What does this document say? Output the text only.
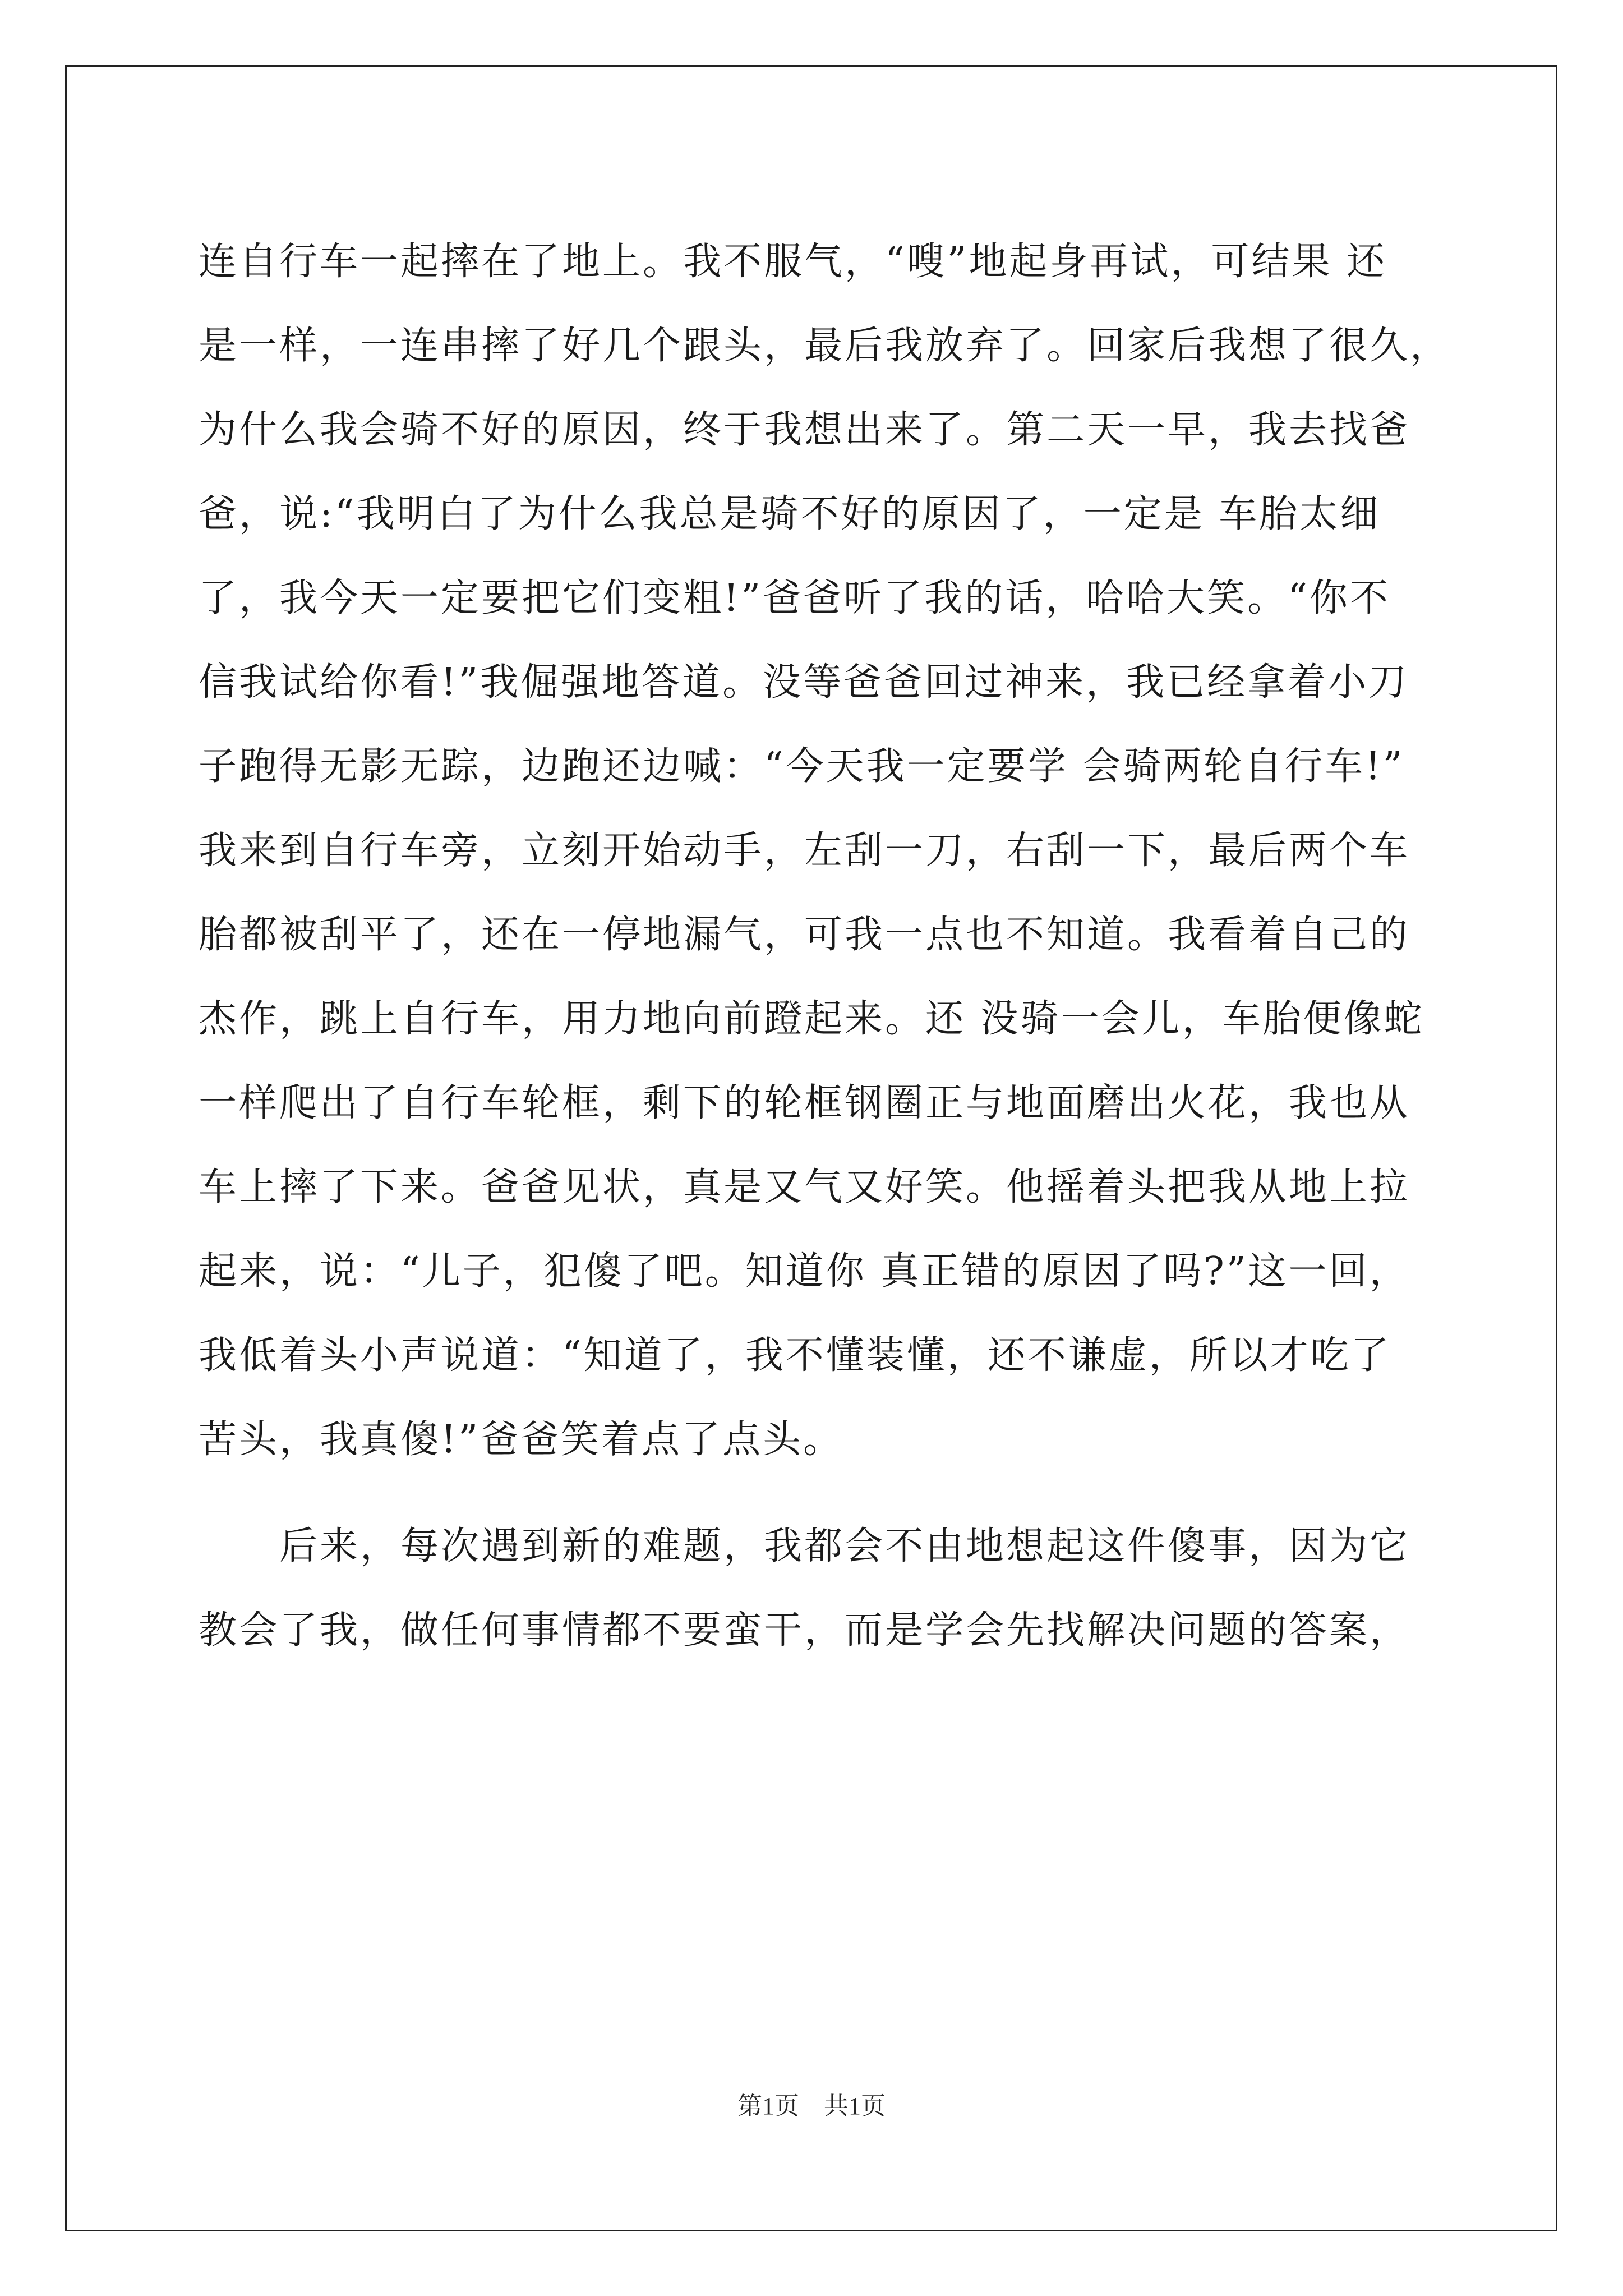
连自行车一起摔在了地上。我不服气，“嗖”地起身再试，可结果 还
是一样，一连串摔了好几个跟头，最后我放弃了。回家后我想了很久，
为什么我会骑不好的原因，终于我想出来了。第二天一早，我去找爸
爸，说:“我明白了为什么我总是骑不好的原因了，一定是 车胎太细
了，我今天一定要把它们变粗!”爸爸听了我的话，哈哈大笑。“你不
信我试给你看!”我倔强地答道。没等爸爸回过神来，我已经拿着小刀
子跑得无影无踪，边跑还边喊：“今天我一定要学 会骑两轮自行车!”
我来到自行车旁，立刻开始动手，左刮一刀，右刮一下，最后两个车
胎都被刮平了，还在一停地漏气，可我一点也不知道。我看着自己的
杰作，跳上自行车，用力地向前蹬起来。还 没骑一会儿，车胎便像蛇
一样爬出了自行车轮框，剩下的轮框钢圈正与地面磨出火花，我也从
车上摔了下来。爸爸见状，真是又气又好笑。他摇着头把我从地上拉
起来，说：“儿子，犯傻了吧。知道你 真正错的原因了吗?”这一回，
我低着头小声说道：“知道了，我不懂装懂，还不谦虚，所以才吃了
苦头，我真傻!”爸爸笑着点了点头。
　　后来，每次遇到新的难题，我都会不由地想起这件傻事，因为它
教会了我，做任何事情都不要蛮干，而是学会先找解决问题的答案，
第1页　共1页
